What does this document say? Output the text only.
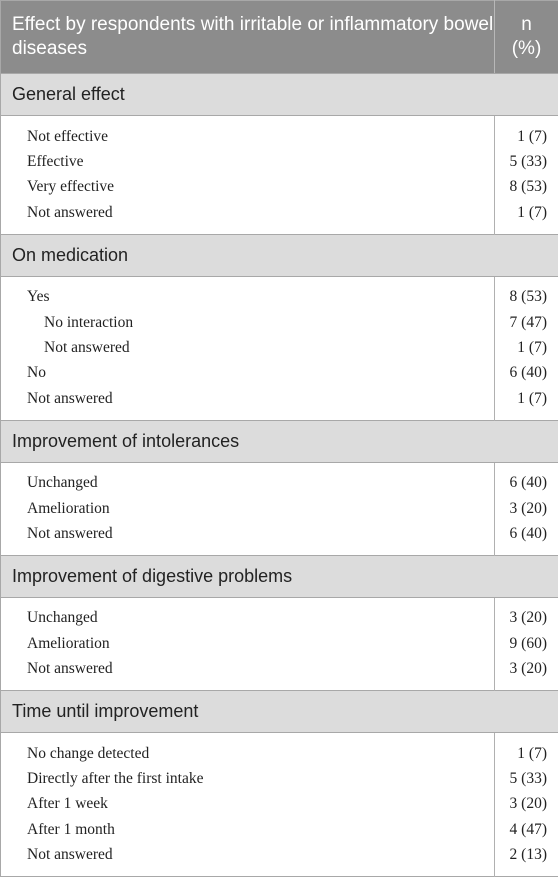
Effect by respondents with irritable or inflammatory bowel diseases	n
(%)
General effect	
Not effective	1 (7)
Effective	5 (33)
Very effective	8 (53)
Not answered	1 (7)
On medication	
Yes	8 (53)
No interaction	7 (47)
Not answered	1 (7)
No	6 (40)
Not answered	1 (7)
Improvement of intolerances	
Unchanged	6 (40)
Amelioration	3 (20)
Not answered	6 (40)
Improvement of digestive problems	
Unchanged	3 (20)
Amelioration	9 (60)
Not answered	3 (20)
Time until improvement	
No change detected	1 (7)
Directly after the first intake	5 (33)
After 1 week	3 (20)
After 1 month	4 (47)
Not answered	2 (13)
